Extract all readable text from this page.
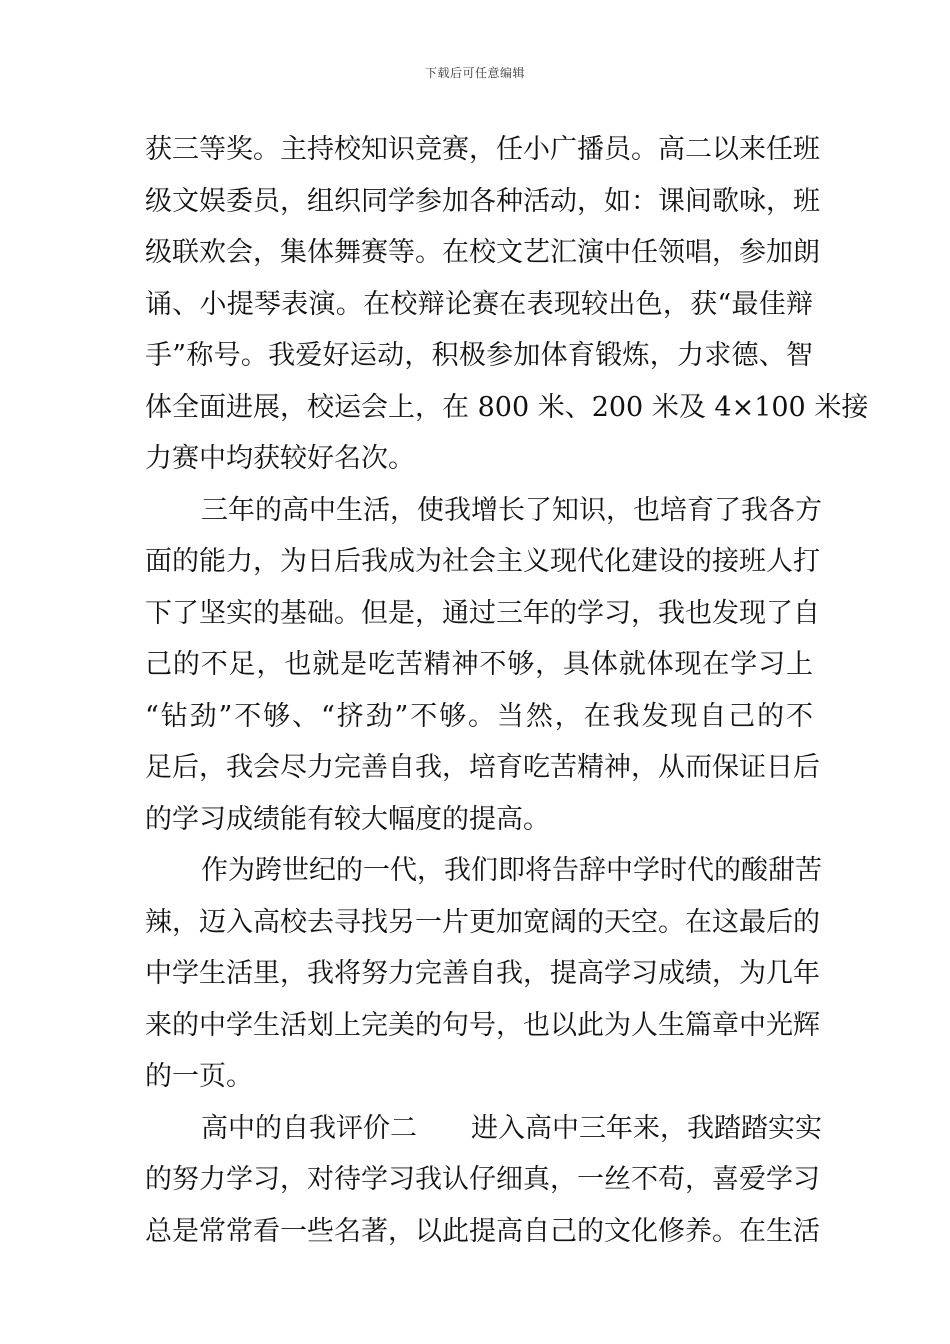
下载后可任意编辑
获三等奖。主持校知识竞赛，任小广播员。高二以来任班
级文娱委员，组织同学参加各种活动，如：课间歌咏，班
级联欢会，集体舞赛等。在校文艺汇演中任领唱，参加朗
诵、小提琴表演。在校辩论赛在表现较出色，获“最佳辩
手”称号。我爱好运动，积极参加体育锻炼，力求德、智
体全面进展，校运会上，在 800 米、200 米及 4×100 米接
力赛中均获较好名次。
三年的高中生活，使我增长了知识，也培育了我各方
面的能力，为日后我成为社会主义现代化建设的接班人打
下了坚实的基础。但是，通过三年的学习，我也发现了自
己的不足，也就是吃苦精神不够，具体就体现在学习上
“钻劲”不够、“挤劲”不够。当然，在我发现自己的不
足后，我会尽力完善自我，培育吃苦精神，从而保证日后
的学习成绩能有较大幅度的提高。
作为跨世纪的一代，我们即将告辞中学时代的酸甜苦
辣，迈入高校去寻找另一片更加宽阔的天空。在这最后的
中学生活里，我将努力完善自我，提高学习成绩，为几年
来的中学生活划上完美的句号，也以此为人生篇章中光辉
的一页。
高中的自我评价二　　进入高中三年来，我踏踏实实
的努力学习，对待学习我认仔细真，一丝不苟，喜爱学习
总是常常看一些名著，以此提高自己的文化修养。在生活
